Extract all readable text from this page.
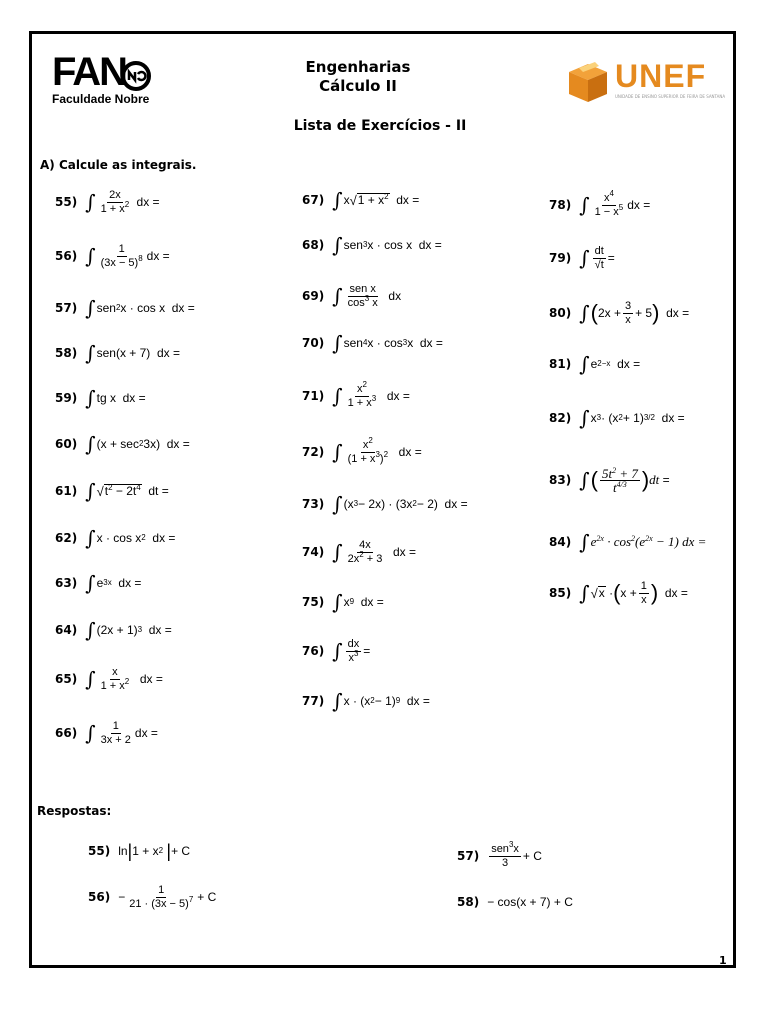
FAN
Faculdade Nobre
Engenharias
Cálculo II	UNEF
UNIDADE DE ENSINO SUPERIOR DE FEIRA DE SANTANA
Lista de Exercícios - II
A) Calcule as integrais.
55) ∫ 2x
$1 + x^2$ dx =
56) ∫ 1
$(3x - 5)^8$ dx =
57) ∫ sen 2 x · cos x  dx =
58) ∫ sen(x + 7)  dx =
59) ∫ tg x  dx =
60) ∫ (x + sec 2 3x)  dx =
61) ∫ √ $t^2 - 2t^4$ dt =
62) ∫ x · cos x 2 dx =
63) ∫ e 3x dx =
64) ∫ (2x + 1) 3 dx =
65) ∫ x
$1 + x^2$ dx =
66) ∫ 1
3x + 2 dx =
67) ∫ x √ $1 + x^2$ dx =
68) ∫ sen 3 x · cos x  dx =
69) ∫ sen x
$\cos^3 x$ dx
70) ∫ sen 4 x · cos 3 x  dx =
71) ∫ $x^2$
$1 + x^3$ dx =
72) ∫ $x^2$
$(1 + x^3)^2$ dx =
73) ∫ (x 3 − 2x) · (3x 2 − 2)  dx =
74) ∫ 4x
$2x^2 + 3$ dx =
75) ∫ x 9 dx =
76) ∫ dx
$x^3$ =
77) ∫ x · (x 2 − 1) 9 dx =
78) ∫ $x^4$
$1 - x^5$ dx =
79) ∫ dt
√t =
80) ∫ ( 2x +
3
x + 5 ) dx =
81) ∫ e 2−x dx =
82) ∫ x 3 · (x 2 + 1) 3/2 dx =
83) ∫ ( $5t^2 + 7$
$t^{4/3}$ ) dt =
84) ∫ $e^{2x} \cdot \cos^2(e^{2x} - 1)$ dx =
85) ∫ √ x · ( x +
1
x ) dx =
Respostas:
55) ln | 1 + x 2
| + C
56) −
1
$21 \cdot (3x - 5)^7 + C$
57)
sen$^3$x
3 + C
58) − cos(x + 7) + C
1
